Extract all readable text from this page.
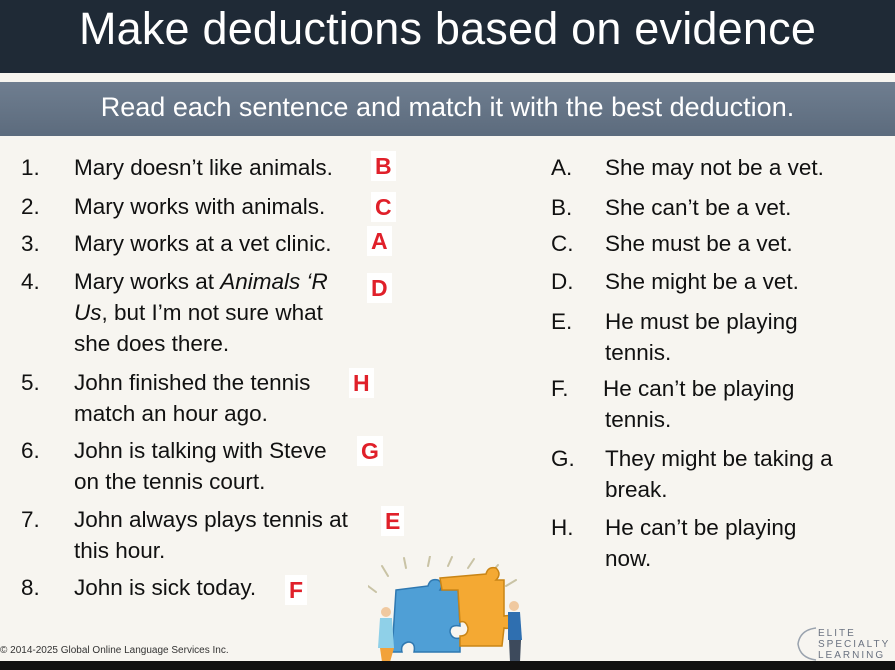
Make deductions based on evidence
Read each sentence and match it with the best deduction.
1. Mary doesn’t like animals. B
2. Mary works with animals. C
3. Mary works at a vet clinic. A
4. Mary works at Animals ‘R
Us, but I’m not sure what
she does there.
D
5. John finished the tennis
match an hour ago.
H
6. John is talking with Steve
on the tennis court.
G
7. John always plays tennis at
this hour.
E
8. John is sick today. F
A. She may not be a vet.
B. She can’t be a vet.
C. She must be a vet.
D. She might be a vet.
E. He must be playing
tennis.
F. He can’t be playing
tennis.
G. They might be taking a
break.
H. He can’t be playing
now.
© 2014-2025 Global Online Language Services Inc.
ELITE
SPECIALTY
LEARNING
